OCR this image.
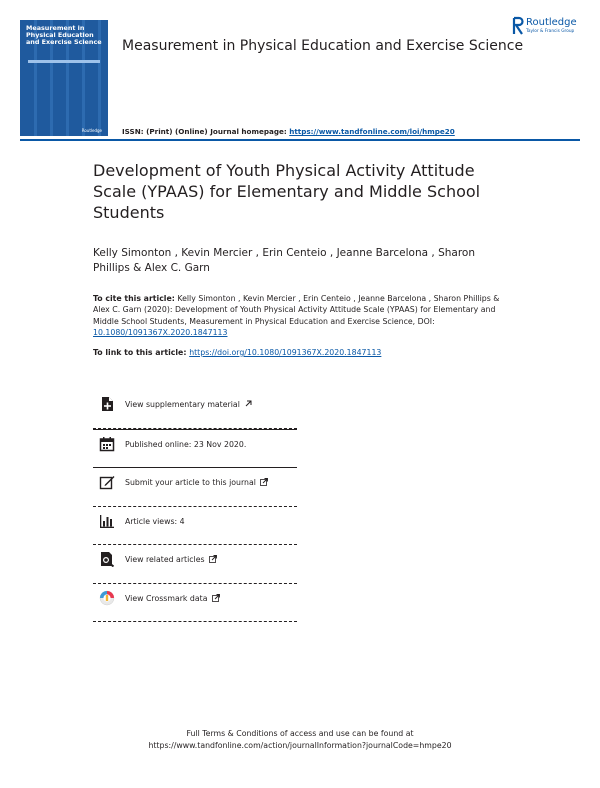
Measurement in
Physical Education
and Exercise Science
Routledge
Measurement in Physical Education and Exercise Science
Routledge
Taylor & Francis Group
ISSN: (Print) (Online) Journal homepage: https://www.tandfonline.com/loi/hmpe20
Development of Youth Physical Activity Attitude Scale (YPAAS) for Elementary and Middle School Students
Kelly Simonton , Kevin Mercier , Erin Centeio , Jeanne Barcelona , Sharon Phillips & Alex C. Garn
To cite this article: Kelly Simonton , Kevin Mercier , Erin Centeio , Jeanne Barcelona , Sharon Phillips & Alex C. Garn (2020): Development of Youth Physical Activity Attitude Scale (YPAAS) for Elementary and Middle School Students, Measurement in Physical Education and Exercise Science, DOI: 10.1080/1091367X.2020.1847113
To link to this article: https://doi.org/10.1080/1091367X.2020.1847113
View supplementary material
Published online: 23 Nov 2020.
Submit your article to this journal
Article views: 4
View related articles
View Crossmark data
Full Terms & Conditions of access and use can be found at
https://www.tandfonline.com/action/journalInformation?journalCode=hmpe20
